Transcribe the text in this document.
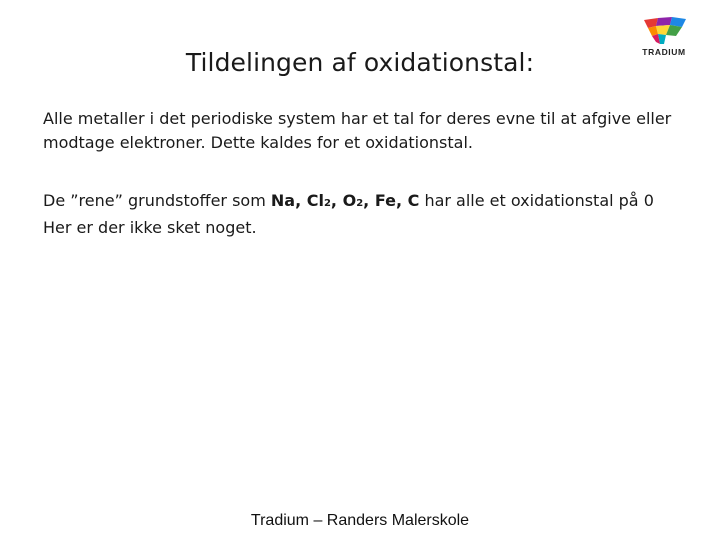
TRADIUM
Tildelingen af oxidationstal:
Alle metaller i det periodiske system har et tal for deres evne til at afgive eller modtage elektroner. Dette kaldes for et oxidationstal.
De ”rene” grundstoffer som Na, Cl2, O2, Fe, C har alle et oxidationstal på 0
Her er der ikke sket noget.
Tradium – Randers Malerskole
